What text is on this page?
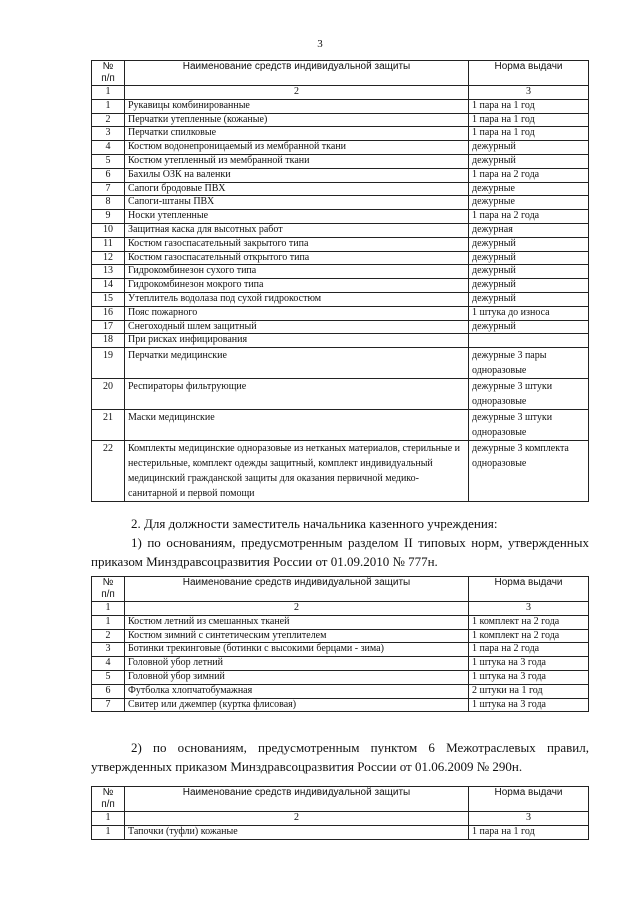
3
№
п/п	Наименование средств индивидуальной защиты	Норма выдачи
1	2	3
1	Рукавицы комбинированные	1 пара на 1 год
2	Перчатки утепленные (кожаные)	1 пара на 1 год
3	Перчатки спилковые	1 пара на 1 год
4	Костюм водонепроницаемый из мембранной ткани	дежурный
5	Костюм утепленный из мембранной ткани	дежурный
6	Бахилы ОЗК на валенки	1 пара на 2 года
7	Сапоги бродовые ПВХ	дежурные
8	Сапоги-штаны ПВХ	дежурные
9	Носки утепленные	1 пара на 2 года
10	Защитная каска для высотных работ	дежурная
11	Костюм газоспасательный закрытого типа	дежурный
12	Костюм газоспасательный открытого типа	дежурный
13	Гидрокомбинезон сухого типа	дежурный
14	Гидрокомбинезон мокрого типа	дежурный
15	Утеплитель водолаза под сухой гидрокостюм	дежурный
16	Пояс пожарного	1 штука до износа
17	Снегоходный шлем защитный	дежурный
18	При рисках инфицирования	
19	Перчатки медицинские	дежурные 3 пары одноразовые
20	Респираторы фильтрующие	дежурные 3 штуки одноразовые
21	Маски медицинские	дежурные 3 штуки одноразовые
22	Комплекты медицинские одноразовые из нетканых материалов, стерильные и нестерильные, комплект одежды защитный, комплект индивидуальный медицинский гражданской защиты для оказания первичной медико-санитарной и первой помощи	дежурные 3 комплекта одноразовые
2. Для должности заместитель начальника казенного учреждения:
1) по основаниям, предусмотренным разделом II типовых норм, утвержденных приказом Минздравсоцразвития России от 01.09.2010 № 777н.
№
п/п	Наименование средств индивидуальной защиты	Норма выдачи
1	2	3
1	Костюм летний из смешанных тканей	1 комплект на 2 года
2	Костюм зимний с синтетическим утеплителем	1 комплект на 2 года
3	Ботинки трекинговые (ботинки с высокими берцами - зима)	1 пара на 2 года
4	Головной убор летний	1 штука на 3 года
5	Головной убор зимний	1 штука на 3 года
6	Футболка хлопчатобумажная	2 штуки на 1 год
7	Свитер или джемпер (куртка флисовая)	1 штука на 3 года
2) по основаниям, предусмотренным пунктом 6 Межотраслевых правил, утвержденных приказом Минздравсоцразвития России от 01.06.2009 № 290н.
№
п/п	Наименование средств индивидуальной защиты	Норма выдачи
1	2	3
1	Тапочки (туфли) кожаные	1 пара на 1 год
